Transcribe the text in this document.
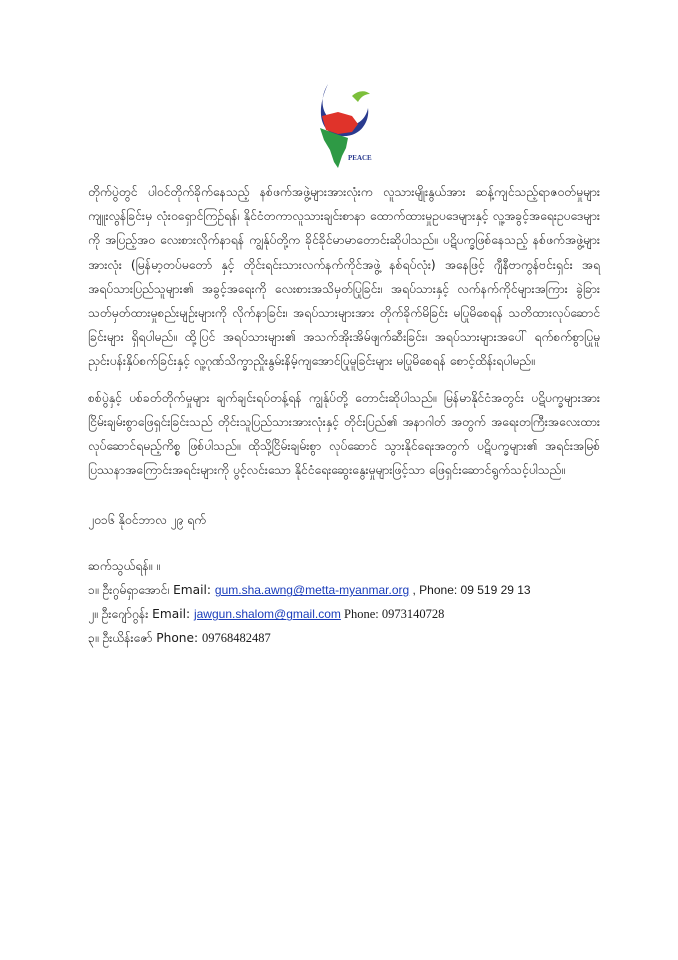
PEACE

တိုက်ပွဲတွင် ပါဝင်တိုက်ခိုက်နေသည့် နစ်ဖက်အဖွဲ့များအားလုံးက လူသားမျိုးနွယ်အား ဆန့်ကျင်သည့်ရာဇဝတ်မှုများကျူးလွန်ခြင်းမှ လုံးဝရှောင်ကြဉ်ရန်၊ နိုင်ငံတကာလူသားချင်းစာနာ ထောက်ထားမှုဥပဒေများနှင့် လူ့အခွင့်အရေးဥပဒေများကို အပြည့်အဝ လေးစားလိုက်နာရန် ကျွန်ုပ်တို့က ခိုင်ခိုင်မာမာတောင်းဆိုပါသည်။ ပဋိပက္ခဖြစ်နေသည့် နစ်ဖက်အဖွဲ့များအားလုံး (မြန်မာ့တပ်မတော် နှင့် တိုင်းရင်းသားလက်နက်ကိုင်အဖွဲ့ နစ်ရပ်လုံး) အနေဖြင့် ဂျီနီဗာကွန်ဗင်းရှင်း အရ အရပ်သားပြည်သူများ၏ အခွင့်အရေးကို လေးစားအသိမှတ်ပြုခြင်း၊ အရပ်သားနှင့် လက်နက်ကိုင်များအကြား ခွဲခြားသတ်မှတ်ထားမှုစည်းမျဉ်းများကို လိုက်နာခြင်း၊ အရပ်သားများအား တိုက်ခိုက်မိခြင်း မပြုမိစေရန် သတိထားလုပ်ဆောင်ခြင်းများ ရှိရပါမည်။ ထို့ပြင် အရပ်သားများ၏ အသက်အိုးအိမ်ဖျက်ဆီးခြင်း၊ အရပ်သားများအပေါ် ရက်စက်စွာပြုမူ ညှင်းပန်းနှိပ်စက်ခြင်းနှင့် လူ့ဂုဏ်သိက္ခာညှိုးနွမ်းနိမ့်ကျအောင်ပြုမူခြင်းများ မပြုမိစေရန် စောင့်ထိန်းရပါမည်။

စစ်ပွဲနှင့် ပစ်ခတ်တိုက်မှုများ ချက်ချင်းရပ်တန့်ရန် ကျွန်ုပ်တို့ တောင်းဆိုပါသည်။ မြန်မာနိုင်ငံအတွင်း ပဋိပက္ခများအား ငြိမ်းချမ်းစွာဖြေရှင်းခြင်းသည် တိုင်းသူပြည်သားအားလုံးနှင့် တိုင်းပြည်၏ အနာဂါတ် အတွက် အရေးတကြီးအလေးထားလုပ်ဆောင်ရမည့်ကိစ္စ ဖြစ်ပါသည်။ ထိုသို့ငြိမ်းချမ်းစွာ လုပ်ဆောင် သွားနိုင်ရေးအတွက် ပဋိပက္ခများ၏ အရင်းအမြစ်ပြဿနာအကြောင်းအရင်းများကို ပွင့်လင်းသော နိုင်ငံရေးဆွေးနွေးမှုများဖြင့်သာ ဖြေရှင်းဆောင်ရွက်သင့်ပါသည်။

၂၀၁၆ နိုဝင်ဘာလ ၂၉ ရက်
ဆက်သွယ်ရန်။ ။
၁။ ဦးဂွမ်ရှာအောင်၊ Email: gum.sha.awng@metta-myanmar.org , Phone: 09 519 29 13
၂။ ဦးဂျော်ဂွန်း Email: jawgun.shalom@gmail.com Phone: 0973140728
၃။ ဦးယိန်းဇော် Phone: 09768482487
